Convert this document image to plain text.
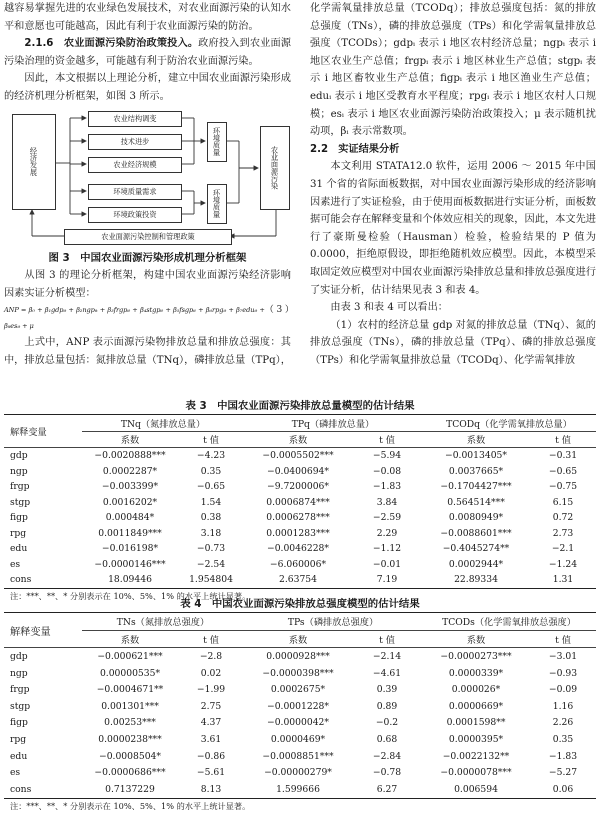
越容易掌握先进的农业绿色发展技术，对农业面源污染的认知水平和意愿也可能越高，因此有利于农业面源污染的防治。

2.1.6　农业面源污染防治政策投入。政府投入到农业面源污染治理的资金越多，可能越有利于防治农业面源污染。

因此，本文根据以上理论分析，建立中国农业面源污染形成的经济机理分析框架，如图 3 所示。

经济发展
农业结构调变
技术进步
农业经济规模
环境质量需求
环境政策投资
环境质量
环境质量
农业面源污染
农业面源污染控制和管理政策

图 3　中国农业面源污染形成机理分析框架

从图 3 的理论分析框架，构建中国农业面源污染经济影响因素实证分析模型：

ANP = β₀ + β₁gdpᵢₜ + β₂ngpᵢₜ + β₃frgpᵢₜ + β₄stgpᵢₜ + β₅fsgpᵢₜ + β₆rpgᵢₜ + β₇eduᵢₜ + β₈esᵢₜ + μ
（ 3 ）

上式中，ANP 表示面源污染物排放总量和排放总强度：其中，排放总量包括：氮排放总量（TNq），磷排放总量（TPq），

化学需氧量排放总量（TCODq）；排放总强度包括：氮的排放总强度（TNs），磷的排放总强度（TPs）和化学需氧量排放总强度（TCODs）；gdpᵢ 表示 i 地区农村经济总量；ngpᵢ 表示 i 地区农业生产总值；frgpᵢ 表示 i 地区林业生产总值；stgpᵢ 表示 i 地区畜牧业生产总值；figpᵢ 表示 i 地区渔业生产总值；eduᵢ 表示 i 地区受教育水平程度；rpgᵢ 表示 i 地区农村人口规模；esᵢ 表示 i 地区农业面源污染防治政策投入；μ 表示随机扰动项，βᵢ 表示常数项。

2.2　实证结果分析

本文利用 STATA12.0 软件，运用 2006 ～ 2015 年中国 31 个省的省际面板数据，对中国农业面源污染形成的经济影响因素进行了实证检验，由于使用面板数据进行实证分析，面板数据可能会存在解释变量和个体效应相关的现象，因此，本文先进行了豪斯曼检验（Hausman）检验，检验结果的 P 值为 0.0000，拒绝原假设，即拒绝随机效应模型。因此，本模型采取固定效应模型对中国农业面源污染排放总量和排放总强度进行了实证分析，估计结果见表 3 和表 4。

由表 3 和表 4 可以看出：

（1）农村的经济总量 gdp 对氮的排放总量（TNq）、氮的排放总强度（TNs），磷的排放总量（TPq）、磷的排放总强度（TPs）和化学需氧量排放总量（TCODq）、化学需氧排放

表 3　中国农业面源污染排放总量模型的估计结果
解释变量	TNq（氮排放总量）		TPq（磷排放总量）		TCODq（化学需氧排放总量）	
	系数	t 值	系数	t 值	系数	t 值
gdp	−0.0020888***	−4.23	−0.0005502***	−5.94	−0.0013405*	−0.31
ngp	0.0002287*	0.35	−0.0400694*	−0.08	0.0037665*	−0.65
frgp	−0.003399*	−0.65	−9.7200006*	−1.83	−0.1704427***	−0.75
stgp	0.0016202*	1.54	0.0006874***	3.84	0.564514***	6.15
figp	0.000484*	0.38	0.0006278***	−2.59	0.0080949*	0.72
rpg	0.0011849***	3.18	0.0001283***	2.29	−0.0088601***	2.73
edu	−0.016198*	−0.73	−0.0046228*	−1.12	−0.4045274**	−2.1
es	−0.0000146***	−2.54	−6.060006*	−0.01	0.0002944*	−1.24
cons	18.09446	1.954804	2.63754	7.19	22.89334	1.31
注：***、**、* 分别表示在 10%、5%、1% 的水平上统计显著。
表 4　中国农业面源污染排放总强度模型的估计结果
解释变量	TNs（氮排放总强度）		TPs（磷排放总强度）		TCODs（化学需氧排放总强度）	
	系数	t 值	系数	t 值	系数	t 值
gdp	−0.000621***	−2.8	0.0000928***	−2.14	−0.0000273***	−3.01
ngp	0.00000535*	0.02	−0.0000398***	−4.61	0.0000339*	−0.93
frgp	−0.0004671**	−1.99	0.0002675*	0.39	0.000026*	−0.09
stgp	0.001301***	2.75	−0.0001228*	0.89	0.0000669*	1.16
figp	0.00253***	4.37	−0.0000042*	−0.2	0.0001598**	2.26
rpg	0.0000238***	3.61	0.0000469*	0.68	0.0000395*	0.35
edu	−0.0008504*	−0.86	−0.0008851***	−2.84	−0.0022132**	−1.83
es	−0.0000686***	−5.61	−0.00000279*	−0.78	−0.0000078***	−5.27
cons	0.7137229	8.13	1.599666	6.27	0.006594	0.06
注：***、**、* 分别表示在 10%、5%、1% 的水平上统计显著。
